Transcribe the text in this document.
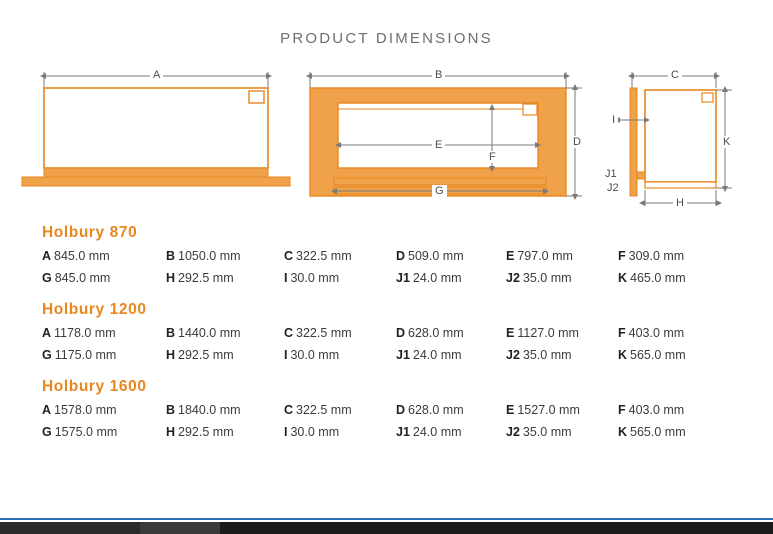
PRODUCT DIMENSIONS
A	B	C
D
E
F
G
H
I
J1
J2
K
Holbury 870
A 845.0 mm	B 1050.0 mm	C 322.5 mm	D 509.0 mm	E 797.0 mm	F 309.0 mm
G 845.0 mm	H 292.5 mm	I 30.0 mm	J1 24.0 mm	J2 35.0 mm	K 465.0 mm
Holbury 1200
A 1178.0 mm	B 1440.0 mm	C 322.5 mm	D 628.0 mm	E 1127.0 mm	F 403.0 mm
G 1175.0 mm	H 292.5 mm	I 30.0 mm	J1 24.0 mm	J2 35.0 mm	K 565.0 mm
Holbury 1600
A 1578.0 mm	B 1840.0 mm	C 322.5 mm	D 628.0 mm	E 1527.0 mm	F 403.0 mm
G 1575.0 mm	H 292.5 mm	I 30.0 mm	J1 24.0 mm	J2 35.0 mm	K 565.0 mm
